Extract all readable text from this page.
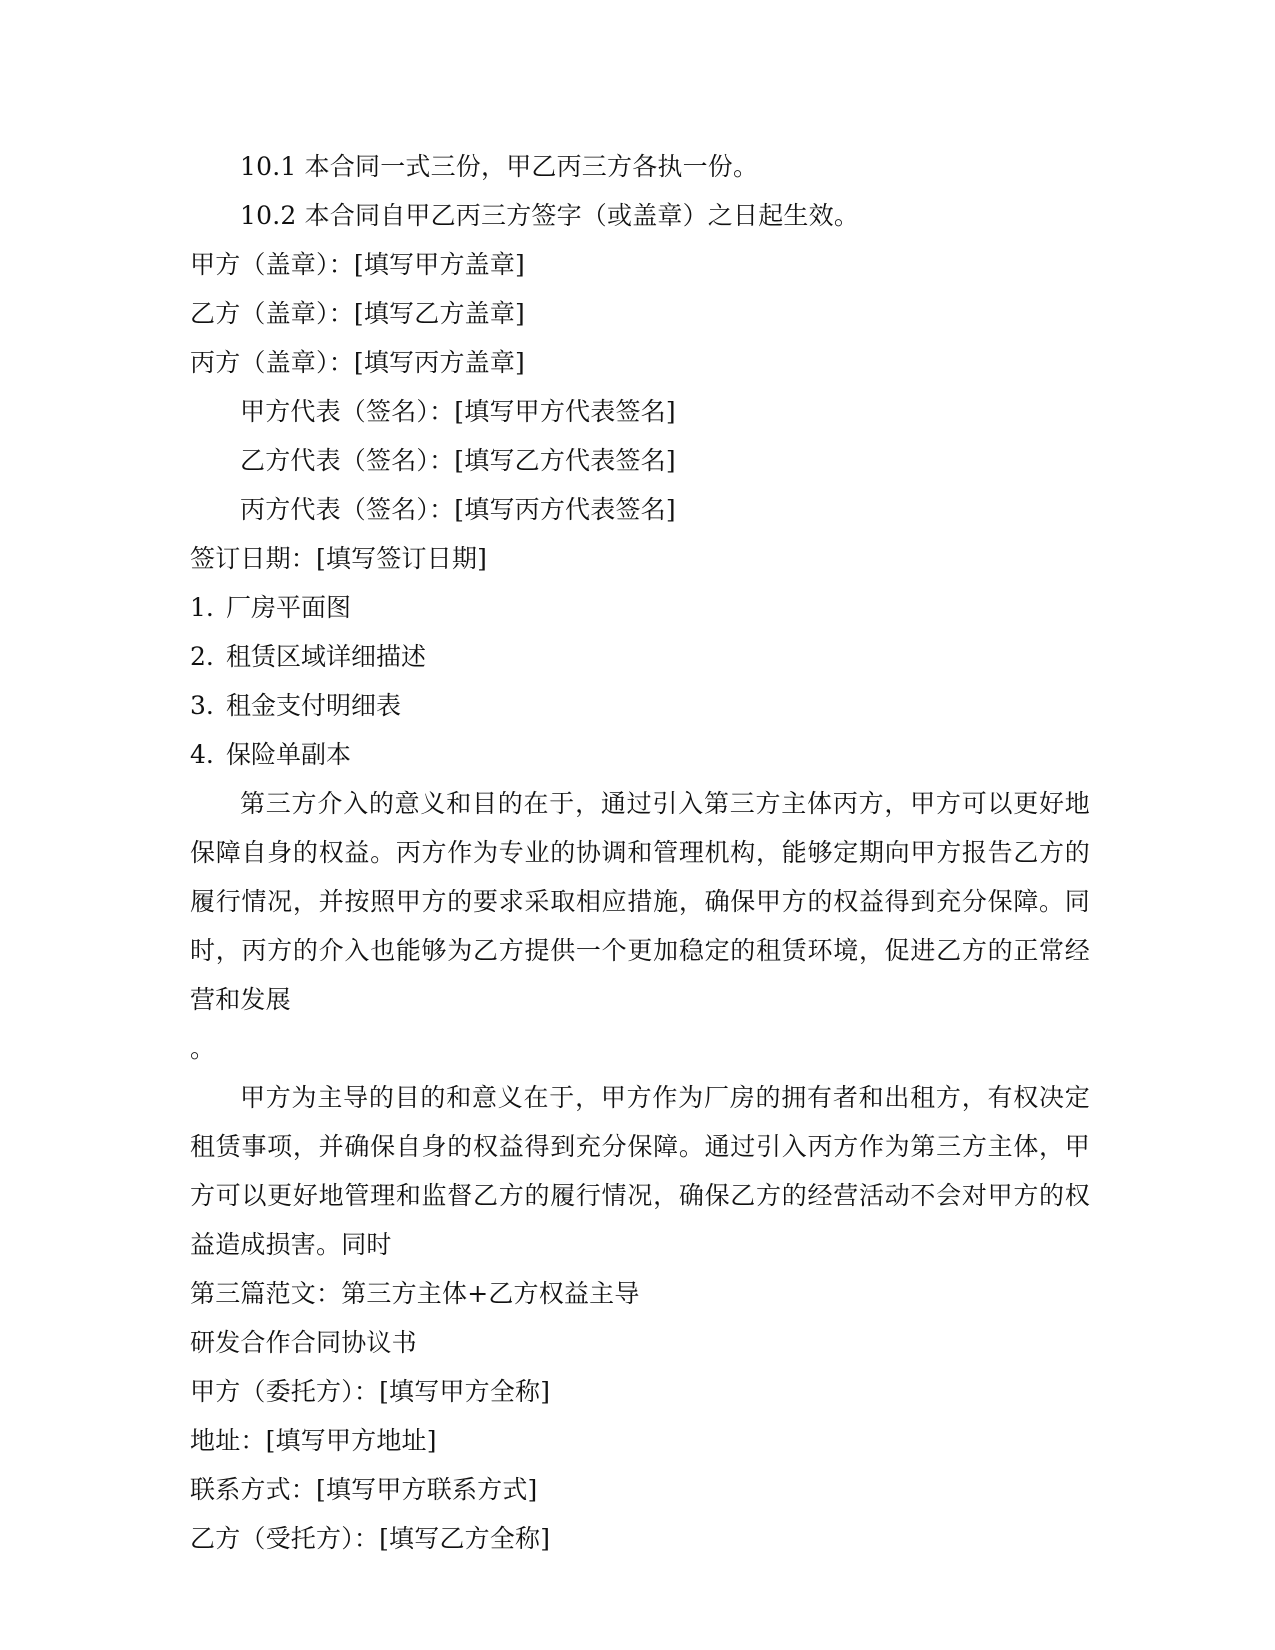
10.1 本合同一式三份，甲乙丙三方各执一份。
10.2 本合同自甲乙丙三方签字（或盖章）之日起生效。
甲方（盖章）：[填写甲方盖章]
乙方（盖章）：[填写乙方盖章]
丙方（盖章）：[填写丙方盖章]
甲方代表（签名）：[填写甲方代表签名]
乙方代表（签名）：[填写乙方代表签名]
丙方代表（签名）：[填写丙方代表签名]
签订日期：[填写签订日期]
1. 厂房平面图
2. 租赁区域详细描述
3. 租金支付明细表
4. 保险单副本

第三方介入的意义和目的在于，通过引入第三方主体丙方，甲方可以更好地保障自身的权益。丙方作为专业的协调和管理机构，能够定期向甲方报告乙方的履行情况，并按照甲方的要求采取相应措施，确保甲方的权益得到充分保障。同时，丙方的介入也能够为乙方提供一个更加稳定的租赁环境，促进乙方的正常经营和发展

。

甲方为主导的目的和意义在于，甲方作为厂房的拥有者和出租方，有权决定租赁事项，并确保自身的权益得到充分保障。通过引入丙方作为第三方主体，甲方可以更好地管理和监督乙方的履行情况，确保乙方的经营活动不会对甲方的权益造成损害。同时

第三篇范文：第三方主体+乙方权益主导
研发合作合同协议书
甲方（委托方）：[填写甲方全称]
地址：[填写甲方地址]
联系方式：[填写甲方联系方式]
乙方（受托方）：[填写乙方全称]
